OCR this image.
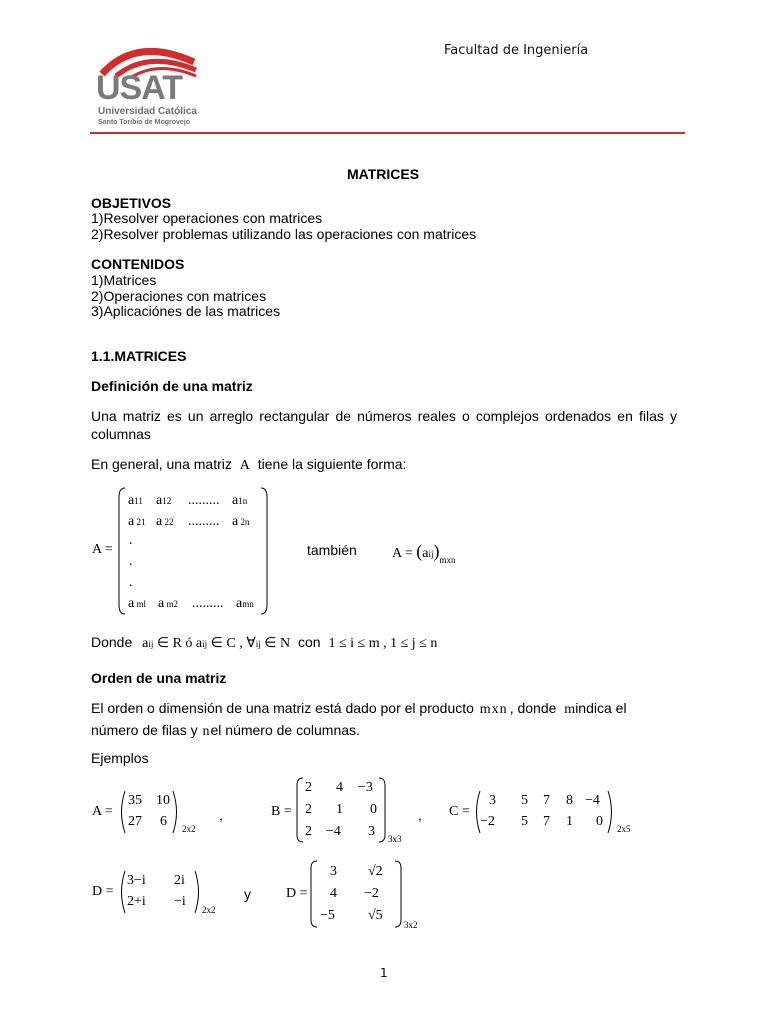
USAT
Universidad Católica
Santo Toribio de Mogrovejo
Facultad de Ingeniería
MATRICES
OBJETIVOS
1)Resolver operaciones con matrices
2)Resolver problemas utilizando las operaciones con matrices
CONTENIDOS
1)Matrices
2)Operaciones con matrices
3)Aplicaciónes de las matrices
1.1.MATRICES
Definición de una matriz
Una matriz es un arreglo rectangular de números reales o complejos ordenados en filas y
columnas
En general, una matriz A tiene la siguiente forma:
A =
a11 a12 ......... a1n
a 21 a 22 ......... a 2n
.
.
.
a ml a m2 ......... amn
también	$A = (aij)_{mxn}$
Donde aij ∈ R ó aij ∈ C , ∀ij ∈ N con 1 ≤ i ≤ m , 1 ≤ j ≤ n
Orden de una matriz
El orden o dimensión de una matriz está dado por el producto mxn , donde mindica el
número de filas y nel número de columnas.
Ejemplos
A =
35 10
27 6 2x2
,	B =
2 4 −3
2 1 0
2 −4 3 3x3
, C =
3 5 7 8 −4
−2 5 7 1 0 2x5
D =
3−i 2i
2+i −i
2x2
y	D =
3 √2
4 −2
−5 √5
3x2
1
